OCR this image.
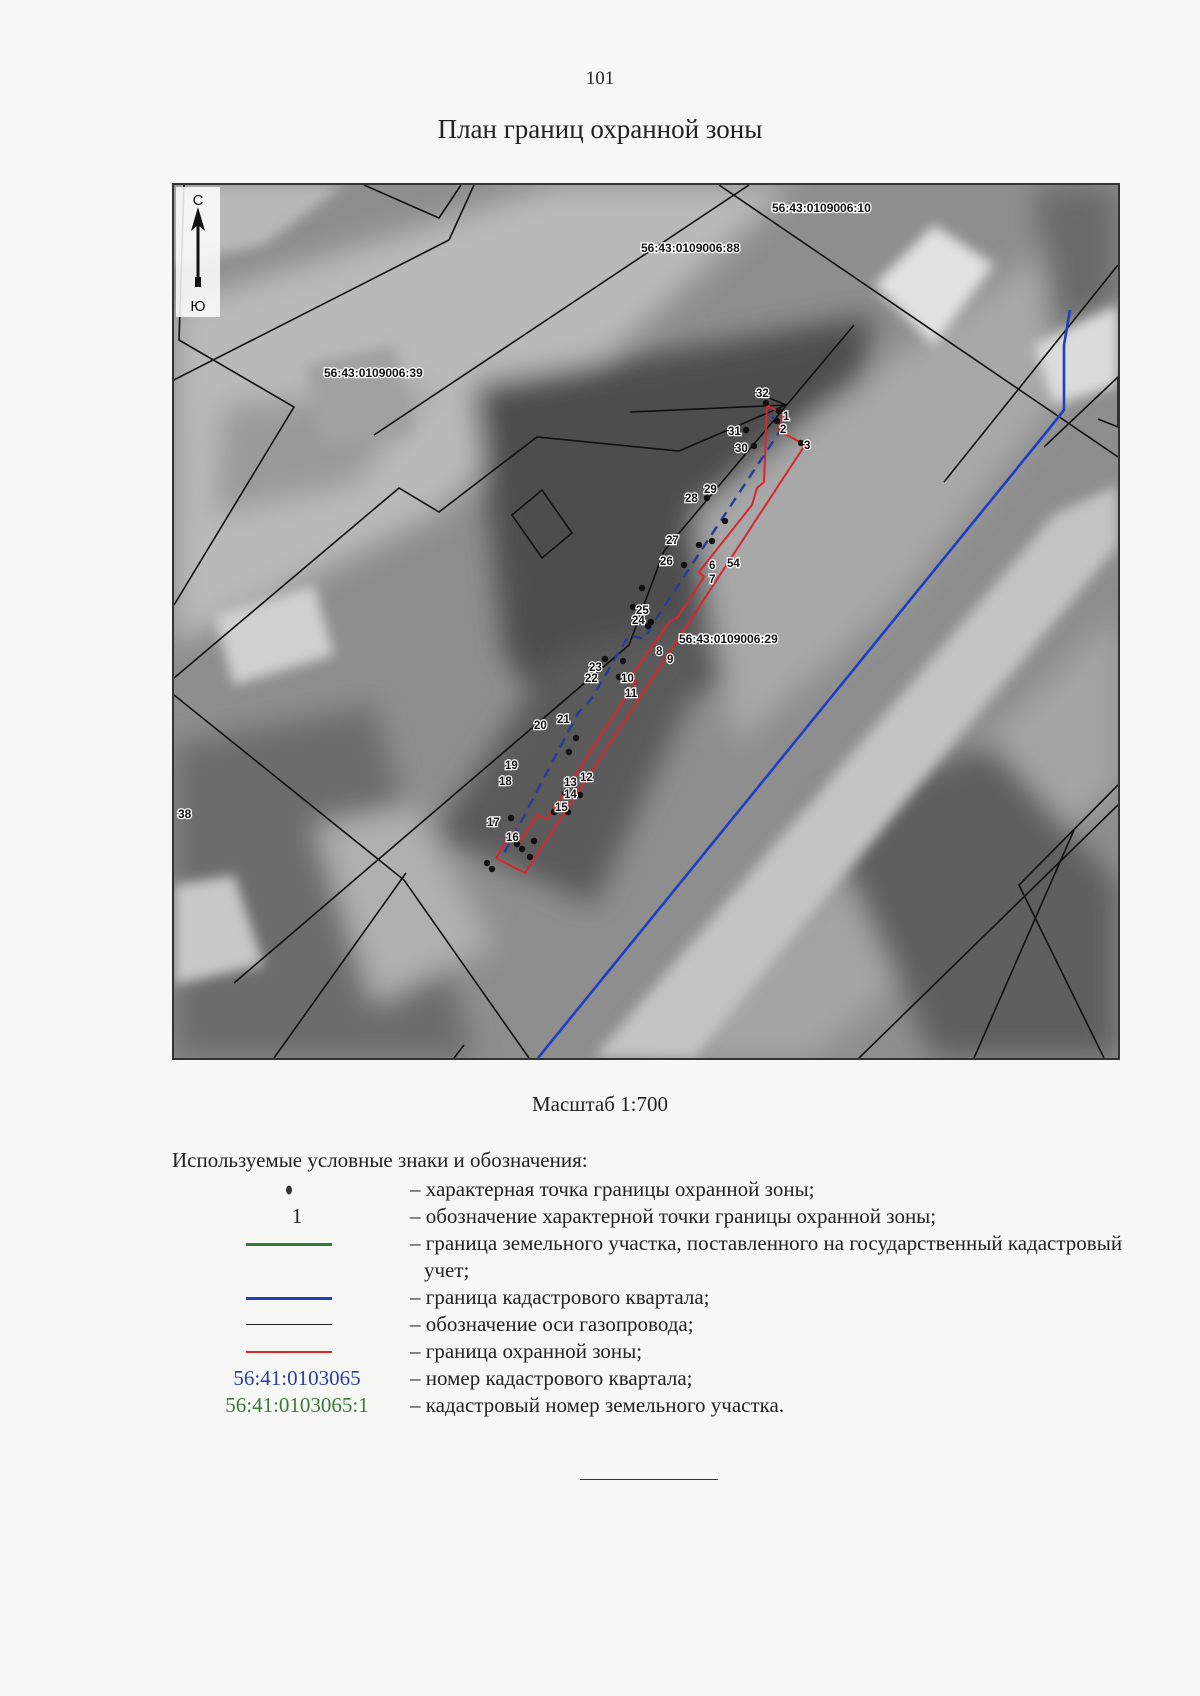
101
План границ охранной зоны
32
1
2
3
31
30
28
29
27
26	54
6
7
24
25
8
9
23
22 10
11
20 21
19
18	12
13
14
15
17
16
56:43:0109006:10
56:43:0109006:88
56:43:0109006:39
56:43:0109006:29
38
С
Ю
Масштаб 1:700
Используемые условные знаки и обозначения:
– характерная точка границы охранной зоны;
1	– обозначение характерной точки границы охранной зоны;
– граница земельного участка, поставленного на государственный кадастровый учет;
– граница кадастрового квартала;
– обозначение оси газопровода;
– граница охранной зоны;
56:41:0103065	– номер кадастрового квартала;
56:41:0103065:1	– кадастровый номер земельного участка.
